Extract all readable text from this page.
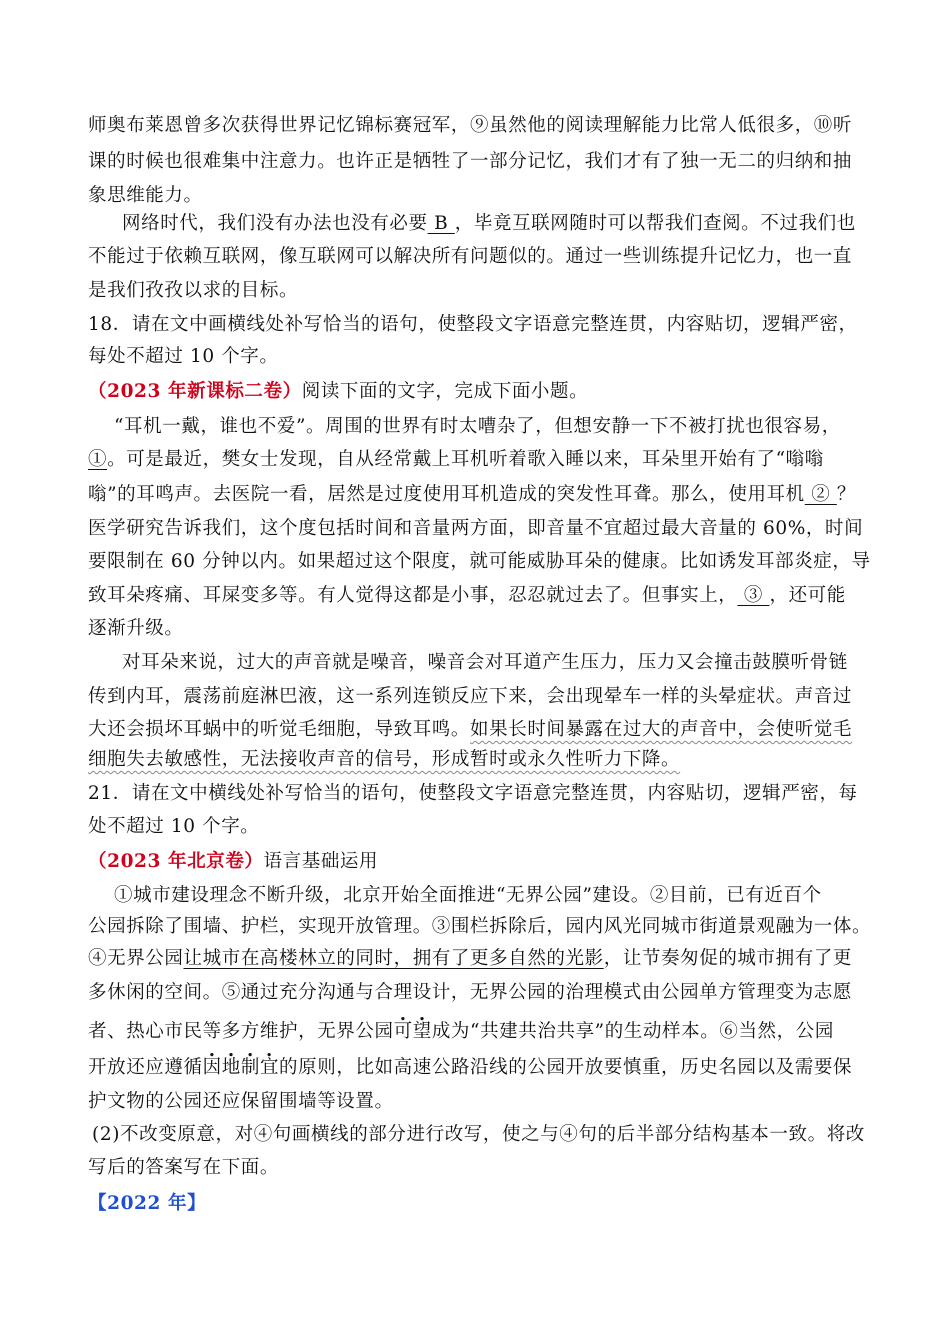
师奥布莱恩曾多次获得世界记忆锦标赛冠军，⑨虽然他的阅读理解能力比常人低很多，⑩听
课的时候也很难集中注意力。也许正是牺牲了一部分记忆，我们才有了独一无二的归纳和抽
象思维能力。
网络时代，我们没有办法也没有必要 B ，毕竟互联网随时可以帮我们查阅。不过我们也
不能过于依赖互联网，像互联网可以解决所有问题似的。通过一些训练提升记忆力，也一直
是我们孜孜以求的目标。
18．请在文中画横线处补写恰当的语句，使整段文字语意完整连贯，内容贴切，逻辑严密，
每处不超过 10 个字。
（2023 年新课标二卷）阅读下面的文字，完成下面小题。
“耳机一戴，谁也不爱”。周围的世界有时太嘈杂了，但想安静一下不被打扰也很容易，
①。可是最近，樊女士发现，自从经常戴上耳机听着歌入睡以来，耳朵里开始有了“嗡嗡
嗡”的耳鸣声。去医院一看，居然是过度使用耳机造成的突发性耳聋。那么，使用耳机 ② ？
医学研究告诉我们，这个度包括时间和音量两方面，即音量不宜超过最大音量的 60%，时间
要限制在 60 分钟以内。如果超过这个限度，就可能威胁耳朵的健康。比如诱发耳部炎症，导
致耳朵疼痛、耳屎变多等。有人觉得这都是小事，忍忍就过去了。但事实上， ③ ，还可能
逐渐升级。
对耳朵来说，过大的声音就是噪音，噪音会对耳道产生压力，压力又会撞击鼓膜听骨链
传到内耳，震荡前庭淋巴液，这一系列连锁反应下来，会出现晕车一样的头晕症状。声音过
大还会损坏耳蜗中的听觉毛细胞，导致耳鸣。如果长时间暴露在过大的声音中，会使听觉毛
细胞失去敏感性，无法接收声音的信号，形成暂时或永久性听力下降。
21．请在文中横线处补写恰当的语句，使整段文字语意完整连贯，内容贴切，逻辑严密，每
处不超过 10 个字。
（2023 年北京卷）语言基础运用
①城市建设理念不断升级，北京开始全面推进“无界公园”建设。②目前，已有近百个
公园拆除了围墙、护栏，实现开放管理。③围栏拆除后，园内风光同城市街道景观融为一体。
④无界公园让城市在高楼林立的同时，拥有了更多自然的光影，让节奏匆促的城市拥有了更
多休闲的空间。⑤通过充分沟通与合理设计，无界公园的治理模式由公园单方管理变为志愿
者、热心市民等多方维护，无界公园可望成为“共建共治共享”的生动样本。⑥当然，公园
开放还应遵循因地制宜的原则，比如高速公路沿线的公园开放要慎重，历史名园以及需要保
护文物的公园还应保留围墙等设置。
(2)不改变原意，对④句画横线的部分进行改写，使之与④句的后半部分结构基本一致。将改
写后的答案写在下面。
【2022 年】
